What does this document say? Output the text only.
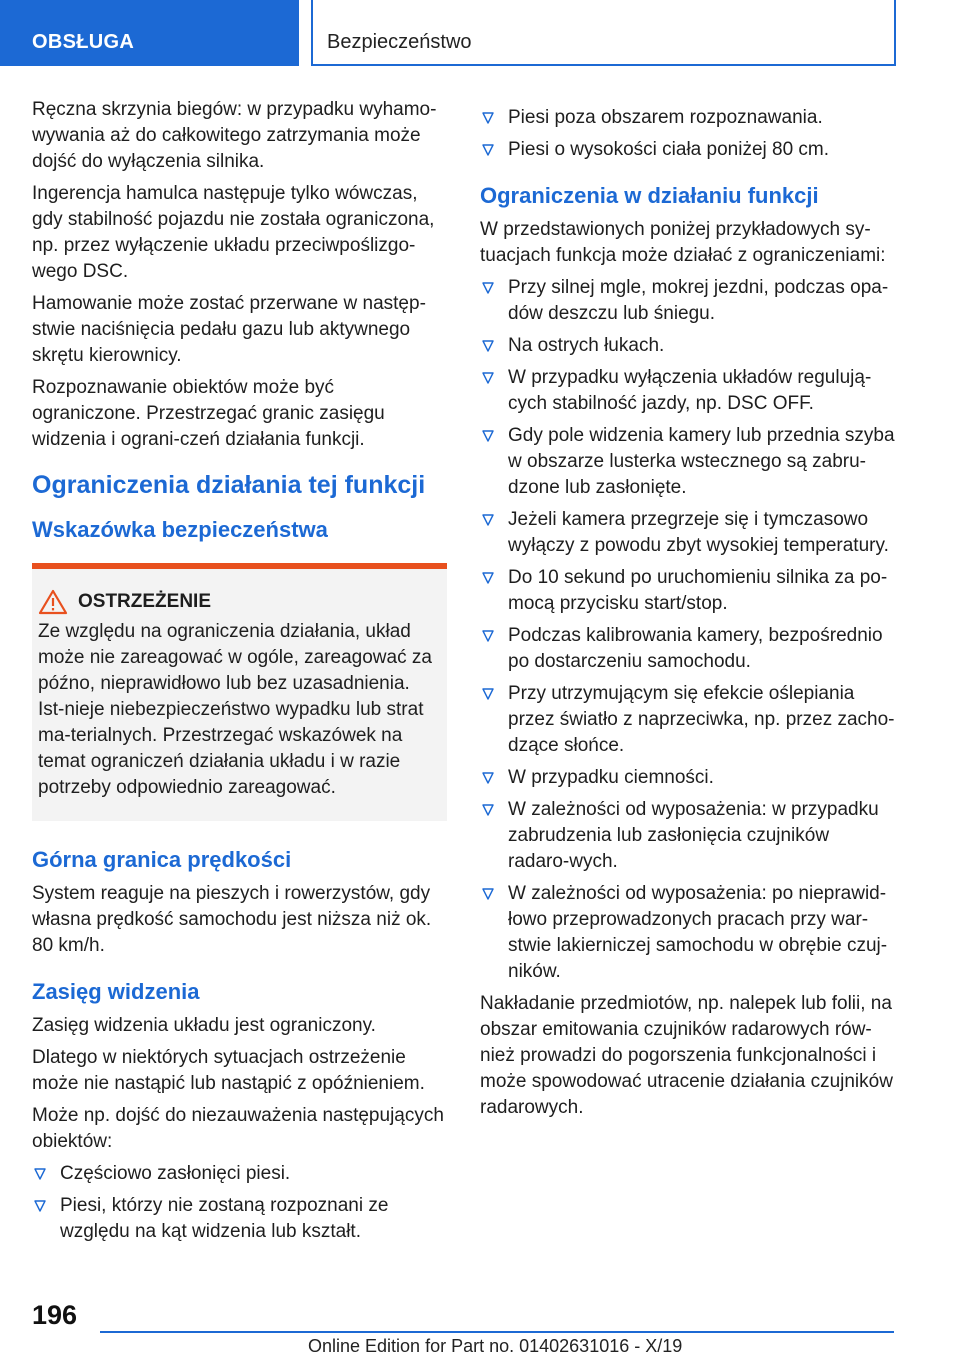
OBSŁUGA	Bezpieczeństwo

Ręczna skrzynia biegów: w przypadku wyhamo-wywania aż do całkowitego zatrzymania może dojść do wyłączenia silnika.

Ingerencja hamulca następuje tylko wówczas, gdy stabilność pojazdu nie została ograniczona, np. przez wyłączenie układu przeciwpoślizgo-wego DSC.

Hamowanie może zostać przerwane w następ-stwie naciśnięcia pedału gazu lub aktywnego skrętu kierownicy.

Rozpoznawanie obiektów może być ograniczone. Przestrzegać granic zasięgu widzenia i ograni-czeń działania funkcji.

Ograniczenia działania tej funkcji
Wskazówka bezpieczeństwa
OSTRZEŻENIE
Ze względu na ograniczenia działania, układ może nie zareagować w ogóle, zareagować za późno, nieprawidłowo lub bez uzasadnienia. Ist-nieje niebezpieczeństwo wypadku lub strat ma-terialnych. Przestrzegać wskazówek na temat ograniczeń działania układu i w razie potrzeby odpowiednio zareagować.
Górna granica prędkości

System reaguje na pieszych i rowerzystów, gdy własna prędkość samochodu jest niższa niż ok. 80 km/h.

Zasięg widzenia

Zasięg widzenia układu jest ograniczony.

Dlatego w niektórych sytuacjach ostrzeżenie może nie nastąpić lub nastąpić z opóźnieniem.

Może np. dojść do niezauważenia następujących obiektów:

Częściowo zasłonięci piesi.
Piesi, którzy nie zostaną rozpoznani ze względu na kąt widzenia lub kształt.
Piesi poza obszarem rozpoznawania.
Piesi o wysokości ciała poniżej 80 cm.
Ograniczenia w działaniu funkcji

W przedstawionych poniżej przykładowych sy-tuacjach funkcja może działać z ograniczeniami:

Przy silnej mgle, mokrej jezdni, podczas opa-dów deszczu lub śniegu.
Na ostrych łukach.
W przypadku wyłączenia układów regulują-cych stabilność jazdy, np. DSC OFF.
Gdy pole widzenia kamery lub przednia szyba w obszarze lusterka wstecznego są zabru-dzone lub zasłonięte.
Jeżeli kamera przegrzeje się i tymczasowo wyłączy z powodu zbyt wysokiej temperatury.
Do 10 sekund po uruchomieniu silnika za po-mocą przycisku start/stop.
Podczas kalibrowania kamery, bezpośrednio po dostarczeniu samochodu.
Przy utrzymującym się efekcie oślepiania przez światło z naprzeciwka, np. przez zacho-dzące słońce.
W przypadku ciemności.
W zależności od wyposażenia: w przypadku zabrudzenia lub zasłonięcia czujników radaro-wych.
W zależności od wyposażenia: po nieprawid-łowo przeprowadzonych pracach przy war-stwie lakierniczej samochodu w obrębie czuj-ników.

Nakładanie przedmiotów, np. nalepek lub folii, na obszar emitowania czujników radarowych rów-nież prowadzi do pogorszenia funkcjonalności i może spowodować utracenie działania czujników radarowych.

196
Online Edition for Part no. 01402631016 - X/19
